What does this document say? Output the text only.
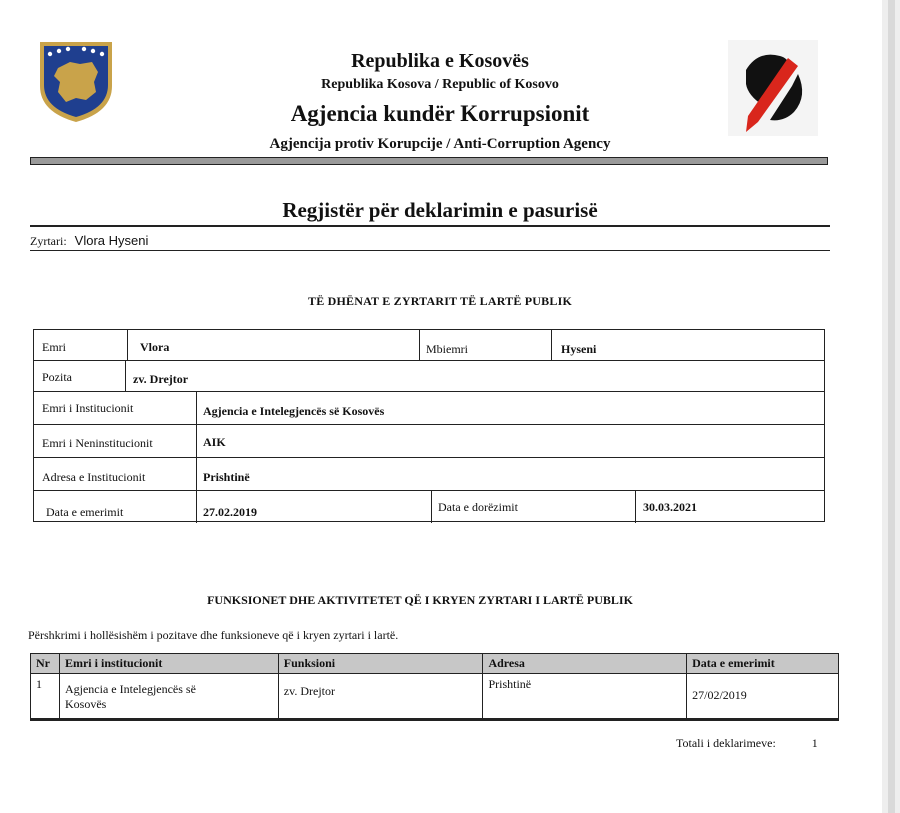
Republika e Kosovës
Republika Kosova / Republic of Kosovo
Agjencia kundër Korrupsionit
Agjencija protiv Korupcije / Anti-Corruption Agency
Regjistër për deklarimin e pasurisë
Zyrtari: Vlora Hyseni
TË DHËNAT E ZYRTARIT TË LARTË PUBLIK
Emri	Vlora	Mbiemri	Hyseni
Pozita	zv. Drejtor
Emri i Institucionit	Agjencia e Intelegjencës së Kosovës
Emri i Neninstitucionit	AIK
Adresa e Institucionit	Prishtinë
Data e emerimit	27.02.2019	Data e dorëzimit	30.03.2021
FUNKSIONET DHE AKTIVITETET QË I KRYEN ZYRTARI I LARTË PUBLIK
Përshkrimi i hollësishëm i pozitave dhe funksioneve që i kryen zyrtari i lartë.
Nr	Emri i institucionit	Funksioni	Adresa	Data e emerimit
1	Agjencia e Intelegjencës së Kosovës	zv. Drejtor	Prishtinë	27/02/2019
Totali i deklarimeve:	1
